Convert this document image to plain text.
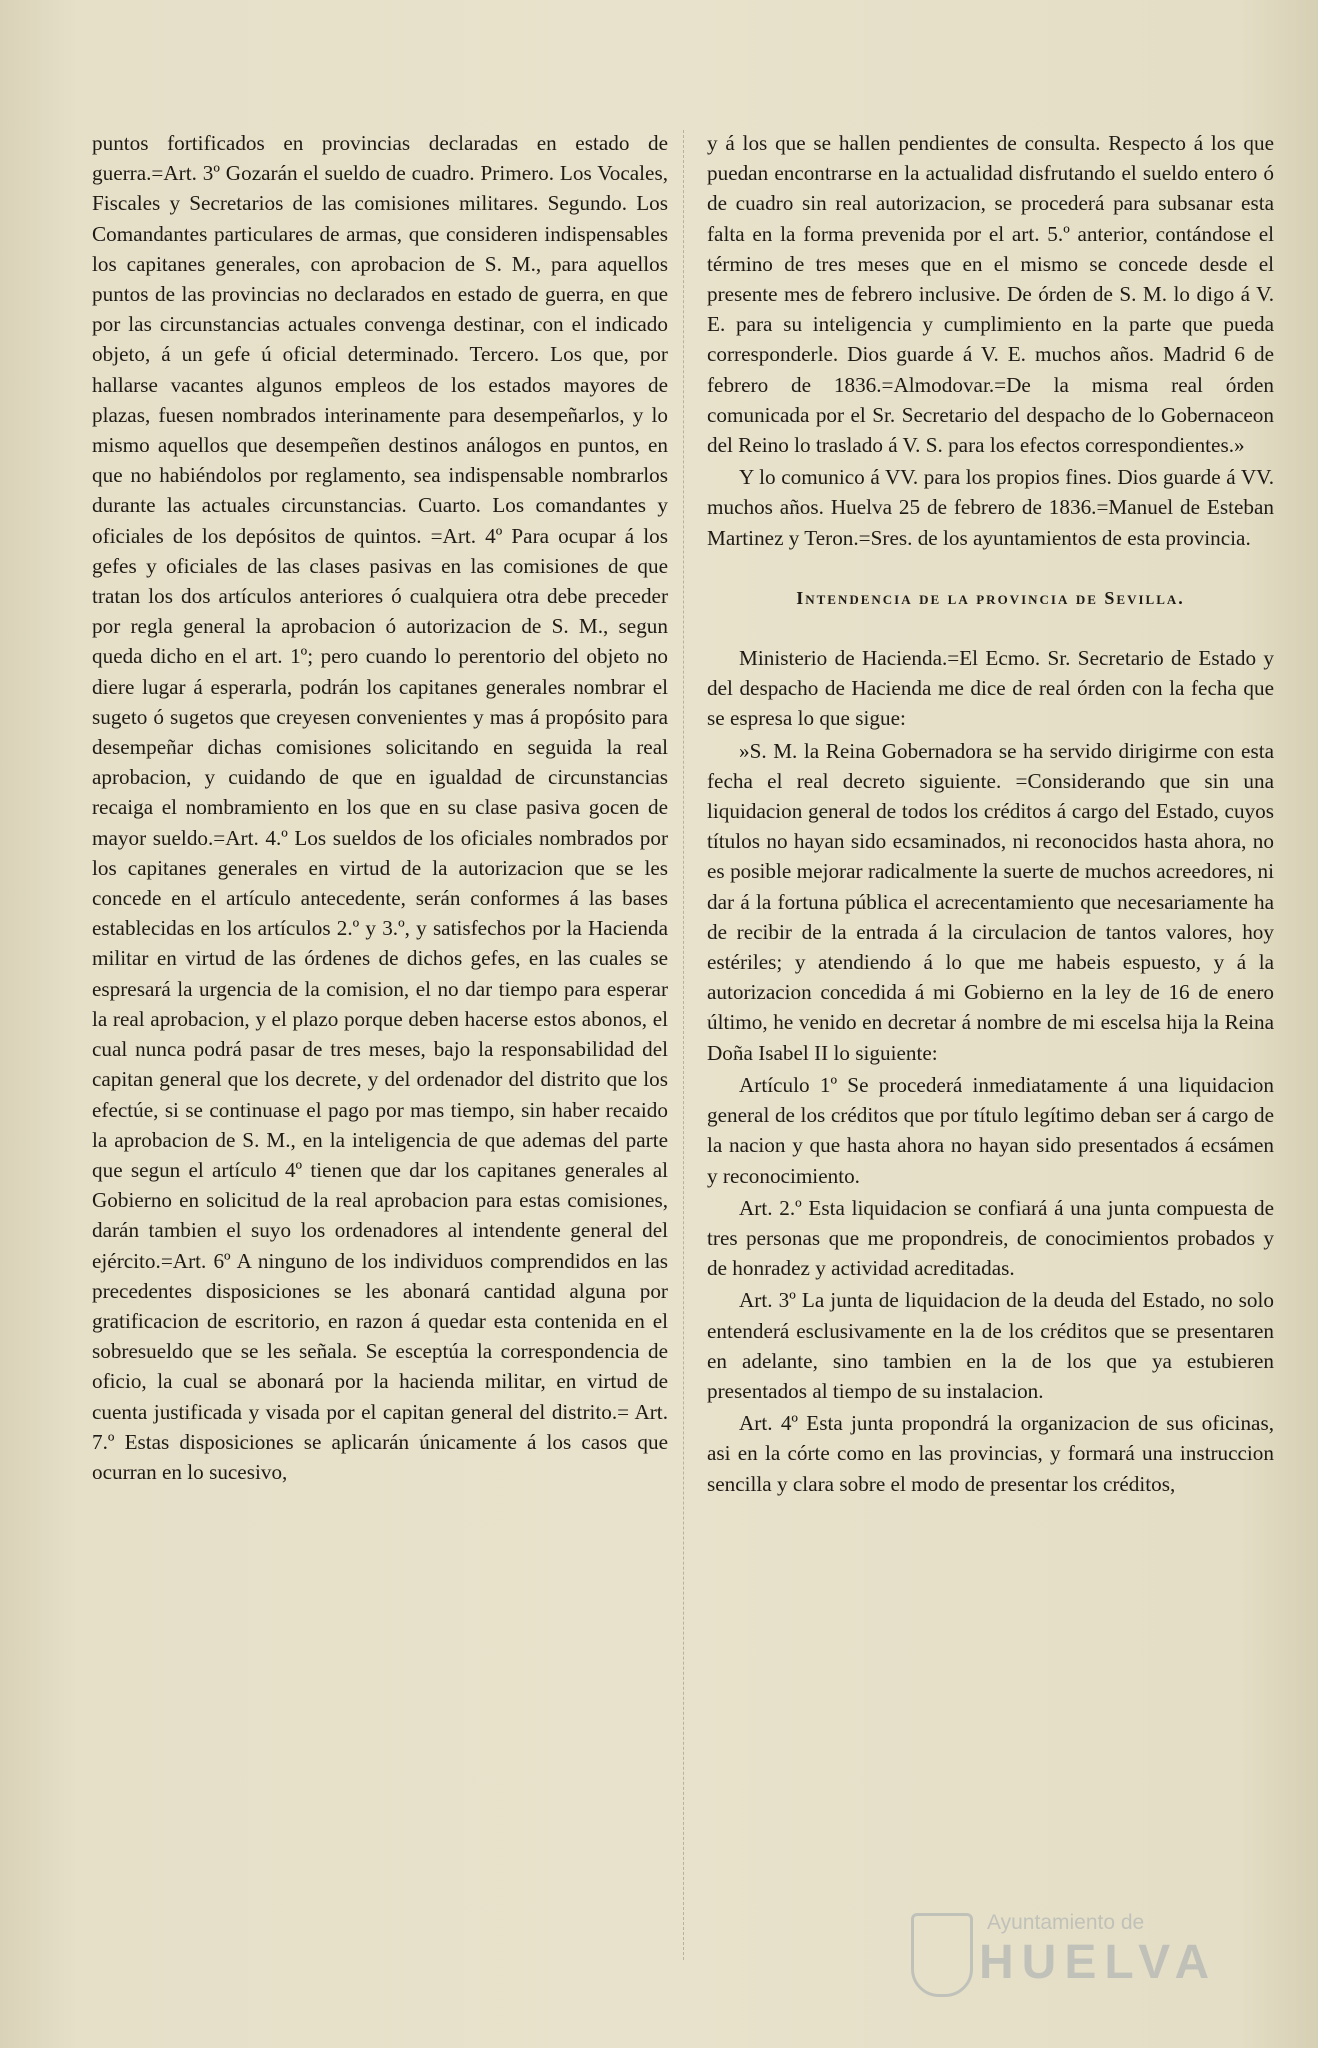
puntos fortificados en provincias declaradas en estado de guerra.=Art. 3º Gozarán el sueldo de cuadro. Primero. Los Vocales, Fiscales y Secretarios de las comisiones militares. Segundo. Los Comandantes particulares de armas, que consideren indispensables los capitanes generales, con aprobacion de S. M., para aquellos puntos de las provincias no declarados en estado de guerra, en que por las circunstancias actuales convenga destinar, con el indicado objeto, á un gefe ú oficial determinado. Tercero. Los que, por hallarse vacantes algunos empleos de los estados mayores de plazas, fuesen nombrados interinamente para desempeñarlos, y lo mismo aquellos que desempeñen destinos análogos en puntos, en que no habiéndolos por reglamento, sea indispensable nombrarlos durante las actuales circunstancias. Cuarto. Los comandantes y oficiales de los depósitos de quintos. =Art. 4º Para ocupar á los gefes y oficiales de las clases pasivas en las comisiones de que tratan los dos artículos anteriores ó cualquiera otra debe preceder por regla general la aprobacion ó autorizacion de S. M., segun queda dicho en el art. 1º; pero cuando lo perentorio del objeto no diere lugar á esperarla, podrán los capitanes generales nombrar el sugeto ó sugetos que creyesen convenientes y mas á propósito para desempeñar dichas comisiones solicitando en seguida la real aprobacion, y cuidando de que en igualdad de circunstancias recaiga el nombramiento en los que en su clase pasiva gocen de mayor sueldo.=Art. 4.º Los sueldos de los oficiales nombrados por los capitanes generales en virtud de la autorizacion que se les concede en el artículo antecedente, serán conformes á las bases establecidas en los artículos 2.º y 3.º, y satisfechos por la Hacienda militar en virtud de las órdenes de dichos gefes, en las cuales se espresará la urgencia de la comision, el no dar tiempo para esperar la real aprobacion, y el plazo porque deben hacerse estos abonos, el cual nunca podrá pasar de tres meses, bajo la responsabilidad del capitan general que los decrete, y del ordenador del distrito que los efectúe, si se continuase el pago por mas tiempo, sin haber recaido la aprobacion de S. M., en la inteligencia de que ademas del parte que segun el artículo 4º tienen que dar los capitanes generales al Gobierno en solicitud de la real aprobacion para estas comisiones, darán tambien el suyo los ordenadores al intendente general del ejército.=Art. 6º A ninguno de los individuos comprendidos en las precedentes disposiciones se les abonará cantidad alguna por gratificacion de escritorio, en razon á quedar esta contenida en el sobresueldo que se les señala. Se esceptúa la correspondencia de oficio, la cual se abonará por la hacienda militar, en virtud de cuenta justificada y visada por el capitan general del distrito.= Art. 7.º Estas disposiciones se aplicarán únicamente á los casos que ocurran en lo sucesivo,

y á los que se hallen pendientes de consulta. Respecto á los que puedan encontrarse en la actualidad disfrutando el sueldo entero ó de cuadro sin real autorizacion, se procederá para subsanar esta falta en la forma prevenida por el art. 5.º anterior, contándose el término de tres meses que en el mismo se concede desde el presente mes de febrero inclusive. De órden de S. M. lo digo á V. E. para su inteligencia y cumplimiento en la parte que pueda corresponderle. Dios guarde á V. E. muchos años. Madrid 6 de febrero de 1836.=Almodovar.=De la misma real órden comunicada por el Sr. Secretario del despacho de lo Gobernaceon del Reino lo traslado á V. S. para los efectos correspondientes.»

Y lo comunico á VV. para los propios fines. Dios guarde á VV. muchos años. Huelva 25 de febrero de 1836.=Manuel de Esteban Martinez y Teron.=Sres. de los ayuntamientos de esta provincia.

Intendencia de la provincia de Sevilla.

Ministerio de Hacienda.=El Ecmo. Sr. Secretario de Estado y del despacho de Hacienda me dice de real órden con la fecha que se espresa lo que sigue:

»S. M. la Reina Gobernadora se ha servido dirigirme con esta fecha el real decreto siguiente. =Considerando que sin una liquidacion general de todos los créditos á cargo del Estado, cuyos títulos no hayan sido ecsaminados, ni reconocidos hasta ahora, no es posible mejorar radicalmente la suerte de muchos acreedores, ni dar á la fortuna pública el acrecentamiento que necesariamente ha de recibir de la entrada á la circulacion de tantos valores, hoy estériles; y atendiendo á lo que me habeis espuesto, y á la autorizacion concedida á mi Gobierno en la ley de 16 de enero último, he venido en decretar á nombre de mi escelsa hija la Reina Doña Isabel II lo siguiente:

Artículo 1º Se procederá inmediatamente á una liquidacion general de los créditos que por título legítimo deban ser á cargo de la nacion y que hasta ahora no hayan sido presentados á ecsámen y reconocimiento.

Art. 2.º Esta liquidacion se confiará á una junta compuesta de tres personas que me propondreis, de conocimientos probados y de honradez y actividad acreditadas.

Art. 3º La junta de liquidacion de la deuda del Estado, no solo entenderá esclusivamente en la de los créditos que se presentaren en adelante, sino tambien en la de los que ya estubieren presentados al tiempo de su instalacion.

Art. 4º Esta junta propondrá la organizacion de sus oficinas, asi en la córte como en las provincias, y formará una instruccion sencilla y clara sobre el modo de presentar los créditos,

Ayuntamiento de
HUELVA
